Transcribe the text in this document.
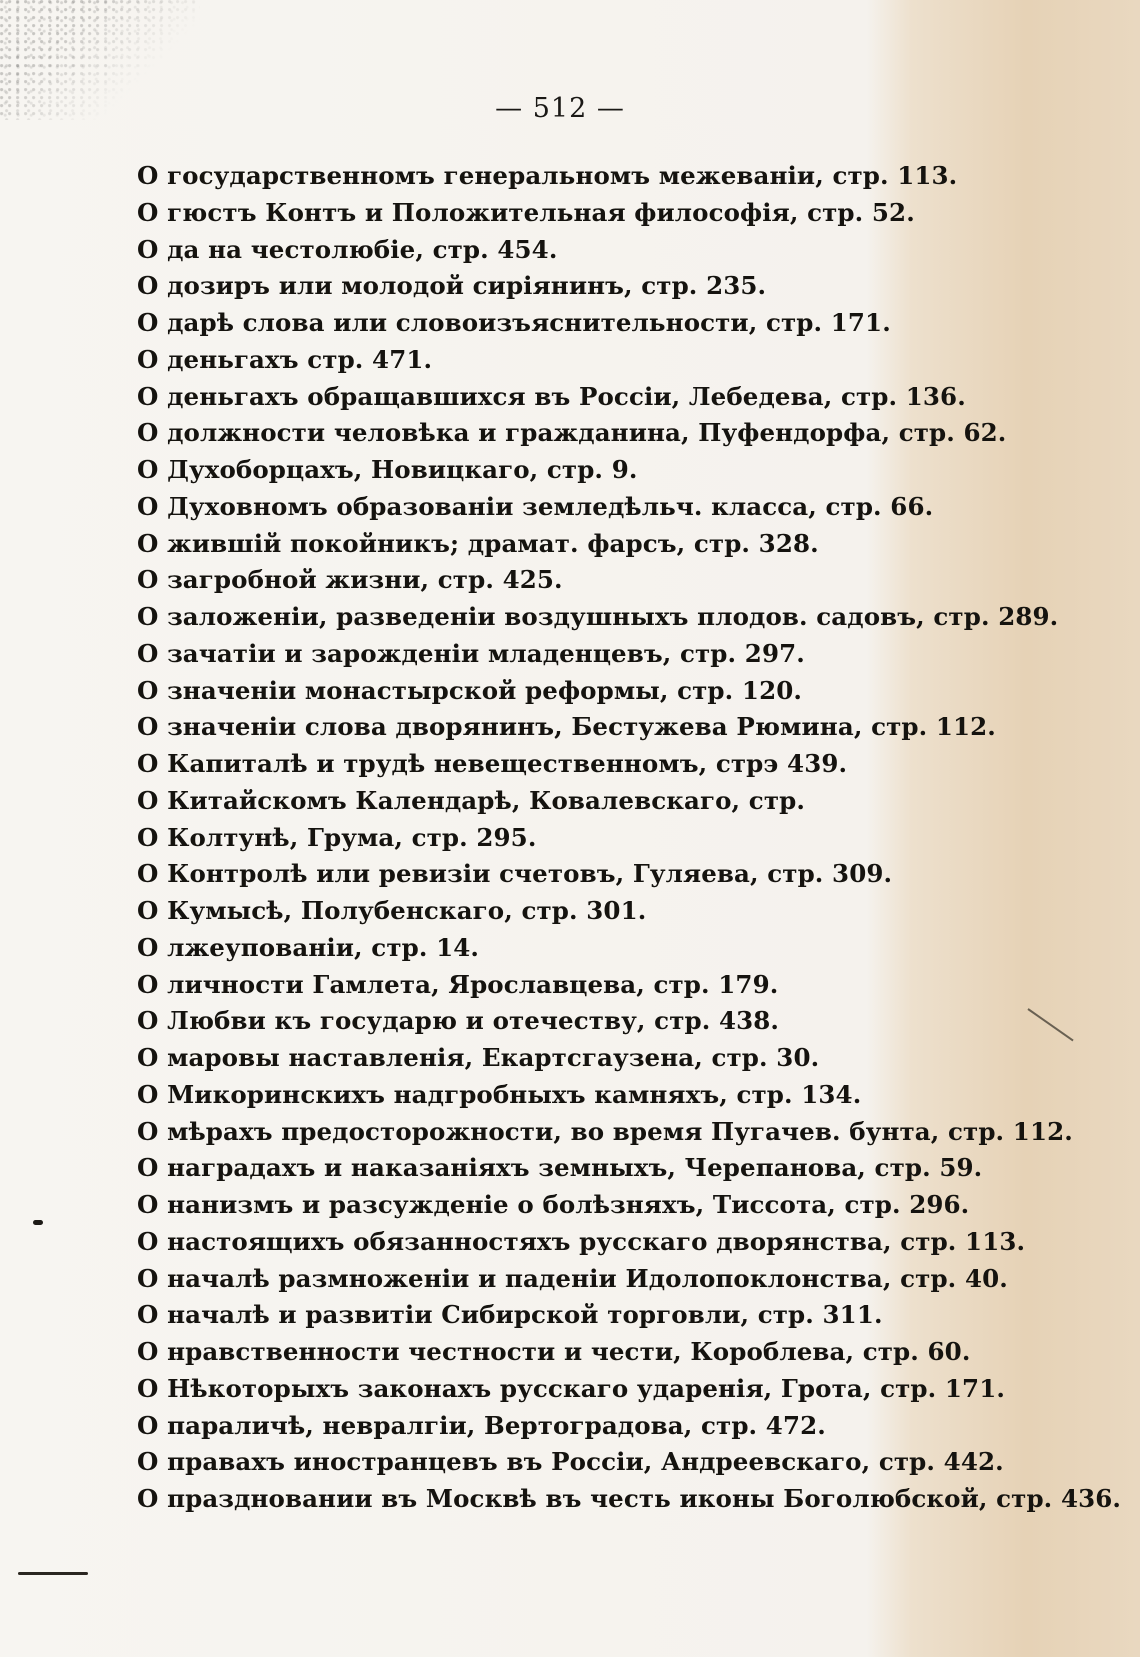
— 512 —
О государственномъ генеральномъ межеванiи, стр. 113.
О гюстъ Контъ и Положительная философiя, стр. 52.
О да на честолюбiе, стр. 454.
О дозиръ или молодой сирiянинъ, стр. 235.
О дарѣ слова или словоизъяснительности, стр. 171.
О деньгахъ стр. 471.
О деньгахъ обращавшихся въ Россiи, Лебедева, стр. 136.
О должности человѣка и гражданина, Пуфендорфа, стр. 62.
О Духоборцахъ, Новицкаго, стр. 9.
О Духовномъ образованiи земледѣльч. класса, стр. 66.
О жившiй покойникъ; драмат. фарсъ, стр. 328.
О загробной жизни, стр. 425.
О заложенiи, разведенiи воздушныхъ плодов. садовъ, стр. 289.
О зачатiи и зарожденiи младенцевъ, стр. 297.
О значенiи монастырской реформы, стр. 120.
О значенiи слова дворянинъ, Бестужева Рюмина, стр. 112.
О Капиталѣ и трудѣ невещественномъ, стрэ 439.
О Китайскомъ Календарѣ, Ковалевскаго, стр.
О Колтунѣ, Грума, стр. 295.
О Контролѣ или ревизiи счетовъ, Гуляева, стр. 309.
О Кумысѣ, Полубенскаго, стр. 301.
О лжеупованiи, стр. 14.
О личности Гамлета, Ярославцева, стр. 179.
О Любви къ государю и отечеству, стр. 438.
О маровы наставленiя, Екартсгаузена, стр. 30.
О Микоринскихъ надгробныхъ камняхъ, стр. 134.
О мѣрахъ предосторожности, во время Пугачев. бунта, стр. 112.
О наградахъ и наказанiяхъ земныхъ, Черепанова, стр. 59.
О нанизмъ и разсужденiе о болѣзняхъ, Тиссота, стр. 296.
О настоящихъ обязанностяхъ русскаго дворянства, стр. 113.
О началѣ размноженiи и паденiи Идолопоклонства, стр. 40.
О началѣ и развитiи Сибирской торговли, стр. 311.
О нравственности честности и чести, Короблева, стр. 60.
О Нѣкоторыхъ законахъ русскаго ударенiя, Грота, стр. 171.
О параличѣ, невралгiи, Вертоградова, стр. 472.
О правахъ иностранцевъ въ Россiи, Андреевскаго, стр. 442.
О праздновании въ Москвѣ въ честь иконы Боголюбской, стр. 436.
